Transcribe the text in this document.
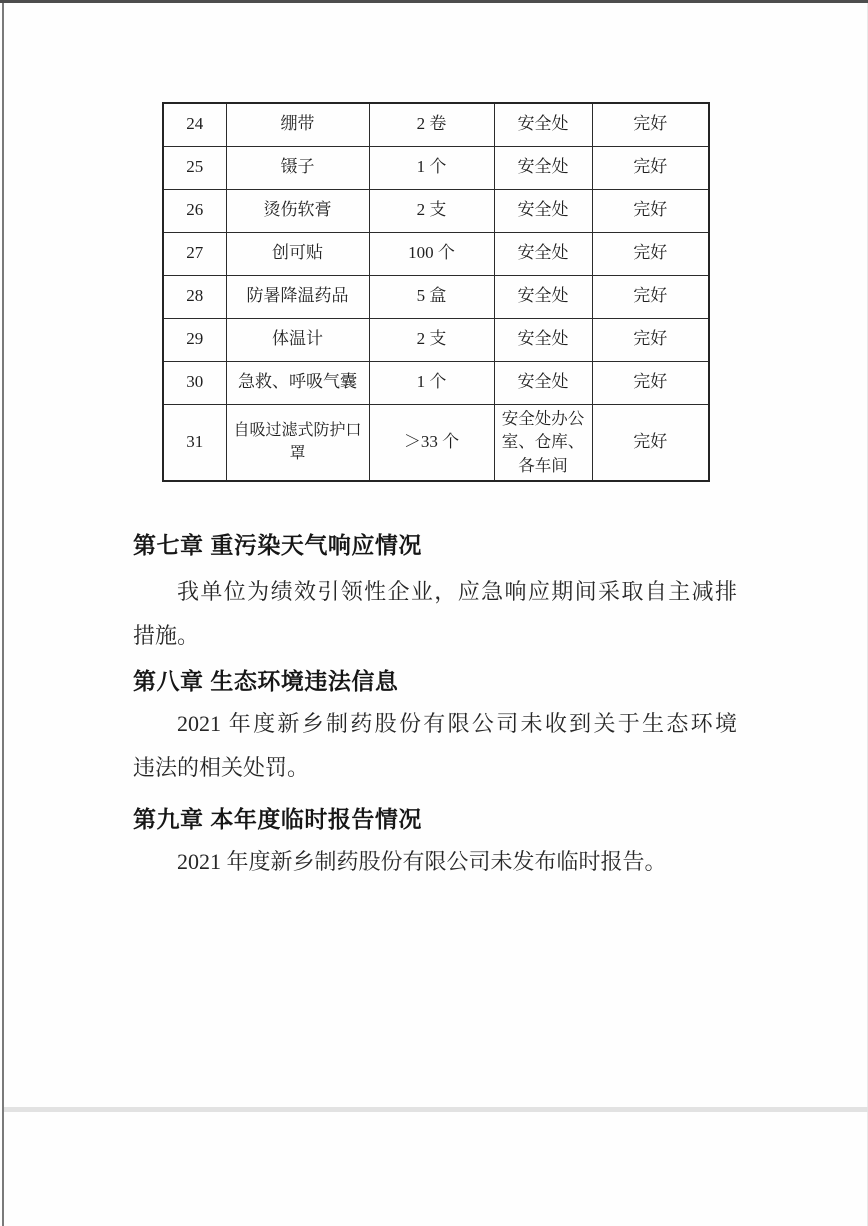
24	绷带	2 卷	安全处	完好
25	镊子	1 个	安全处	完好
26	烫伤软膏	2 支	安全处	完好
27	创可贴	100 个	安全处	完好
28	防暑降温药品	5 盒	安全处	完好
29	体温计	2 支	安全处	完好
30	急救、呼吸气囊	1 个	安全处	完好
31	自吸过滤式防护口罩	＞33 个	安全处办公室、仓库、各车间	完好
第七章 重污染天气响应情况
我单位为绩效引领性企业，应急响应期间采取自主减排
措施。
第八章 生态环境违法信息
2021 年度新乡制药股份有限公司未收到关于生态环境
违法的相关处罚。
第九章 本年度临时报告情况
2021 年度新乡制药股份有限公司未发布临时报告。
